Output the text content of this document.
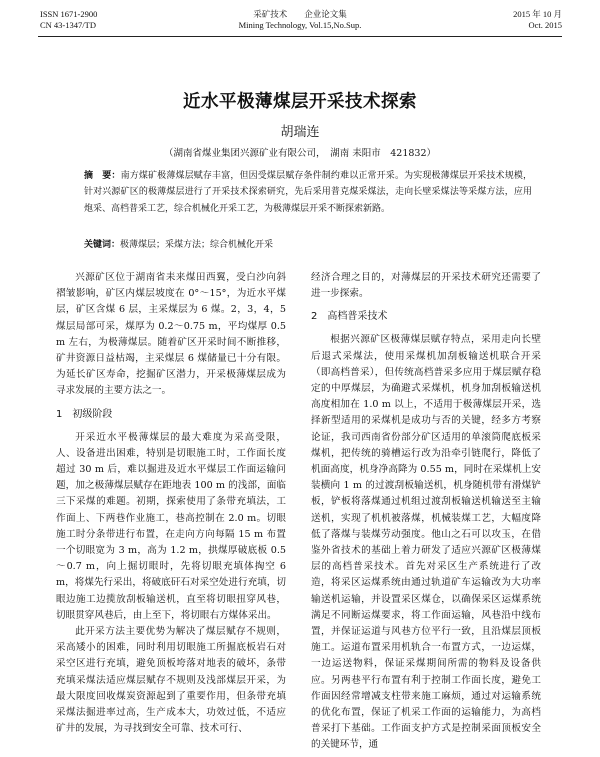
ISSN 1671-2900
CN 43-1347/TD
采矿技术　　企业论文集
Mining Technology, Vol.15,No.Sup.
2015 年 10 月
Oct. 2015
近水平极薄煤层开采技术探索
胡瑞连
（湖南省煤业集团兴源矿业有限公司，　湖南 耒阳市　421832）
摘　要：南方煤矿极薄煤层赋存丰富，但因受煤层赋存条件制约难以正常开采。为实现极薄煤层开采技术规模，针对兴源矿区的极薄煤层进行了开采技术探索研究，先后采用普克煤采煤法，走向长壁采煤法等采煤方法，应用炮采、高档普采工艺，综合机械化开采工艺，为极薄煤层开采不断探索新路。
关键词：极薄煤层；采煤方法；综合机械化开采

兴源矿区位于湖南省耒来煤田西翼，受白沙向斜褶皱影响，矿区内煤层坡度在 0°～15°，为近水平煤层，矿区含煤 6 层，主采煤层为 6 煤。2，3，4，5 煤层局部可采，煤厚为 0.2～0.75 m，平均煤厚 0.5 m 左右，为极薄煤层。随着矿区开采时间不断推移，矿井资源日益枯竭，主采煤层 6 煤储量已十分有限。为延长矿区寿命，挖掘矿区潜力，开采极薄煤层成为寻求发展的主要方法之一。

1　初级阶段

开采近水平极薄煤层的最大难度为采高受限，人、设备进出困难，特别是切眼施工时，工作面长度超过 30 m 后，难以掘进及近水平煤层工作面运输问题，加之极薄煤层赋存在距地表 100 m 的浅部，面临三下采煤的难题。初期，探索使用了条带充填法，工作面上、下两巷作业施工，巷高控制在 2.0 m。切眼施工时分条带进行布置，在走向方向每隔 15 m 布置一个切眼宽为 3 m，高为 1.2 m，拱煤厚破底板 0.5～0.7 m，向上掘切眼时，先将切眼充填体掏空 6 m，将煤先行采出，将破底矸石对采空处进行充填，切眼边施工边揽放刮板输送机，直至将切眼扭穿风巷，切眼贯穿风巷后，由上至下，将切眼右方煤体采出。

此开采方法主要优势为解决了煤层赋存不规则，采高矮小的困难，同时利用切眼施工所掘底板岩石对采空区进行充填，避免顶板垮落对地表的破坏，条带充填采煤法适应煤层赋存不规则及浅部煤层开采，为最大限度回收煤炭资源起到了重要作用，但条带充填采煤法掘进率过高，生产成本大，功效过低，不适应矿井的发展，为寻找到安全可靠、技术可行、

经济合理之目的，对薄煤层的开采技术研究还需要了进一步探索。

2　高档普采技术

根据兴源矿区极薄煤层赋存特点，采用走向长壁后退式采煤法，使用采煤机加刮板输送机联合开采（即高档普采），但传统高档普采多应用于煤层赋存稳定的中厚煤层，为确避式采煤机，机身加刮板输送机高度相加在 1.0 m 以上，不适用于极薄煤层开采，选择新型适用的采煤机是成功与否的关键，经多方考察论证，我司西南省份部分矿区适用的单滚筒爬底板采煤机，把传统的骑槽运行改为沿牵引链爬行，降低了机面高度，机身净高降为 0.55 m，同时在采煤机上安装横向 1 m 的过渡刮板输送机，机身随机带有滑煤铲板，铲板将落煤通过机组过渡刮板输送机输送至主输送机，实现了机机被落煤，机械装煤工艺，大幅度降低了落煤与装煤劳动强度。他山之石可以攻玉，在借鉴外省技术的基础上着力研发了适应兴源矿区极薄煤层的高档普采技术。首先对采区生产系统进行了改造，将采区运煤系统由通过轨道矿车运输改为大功率输送机运输，并设置采区煤仓，以确保采区运煤系统满足不同断运煤要求，将工作面运输，风巷沿中线布置，并保证运道与风巷方位平行一致，且沿煤层顶板施工。运道布置采用机轨合一布置方式，一边运煤，一边运送物料，保证采煤期间所需的物料及设备供应。另两巷平行布置有利于控制工作面长度，避免工作面因经常增减支柱带来施工麻烦，通过对运输系统的优化布置，保证了机采工作面的运输能力，为高档普采打下基础。工作面支护方式是控制采面顶板安全的关键环节，通
